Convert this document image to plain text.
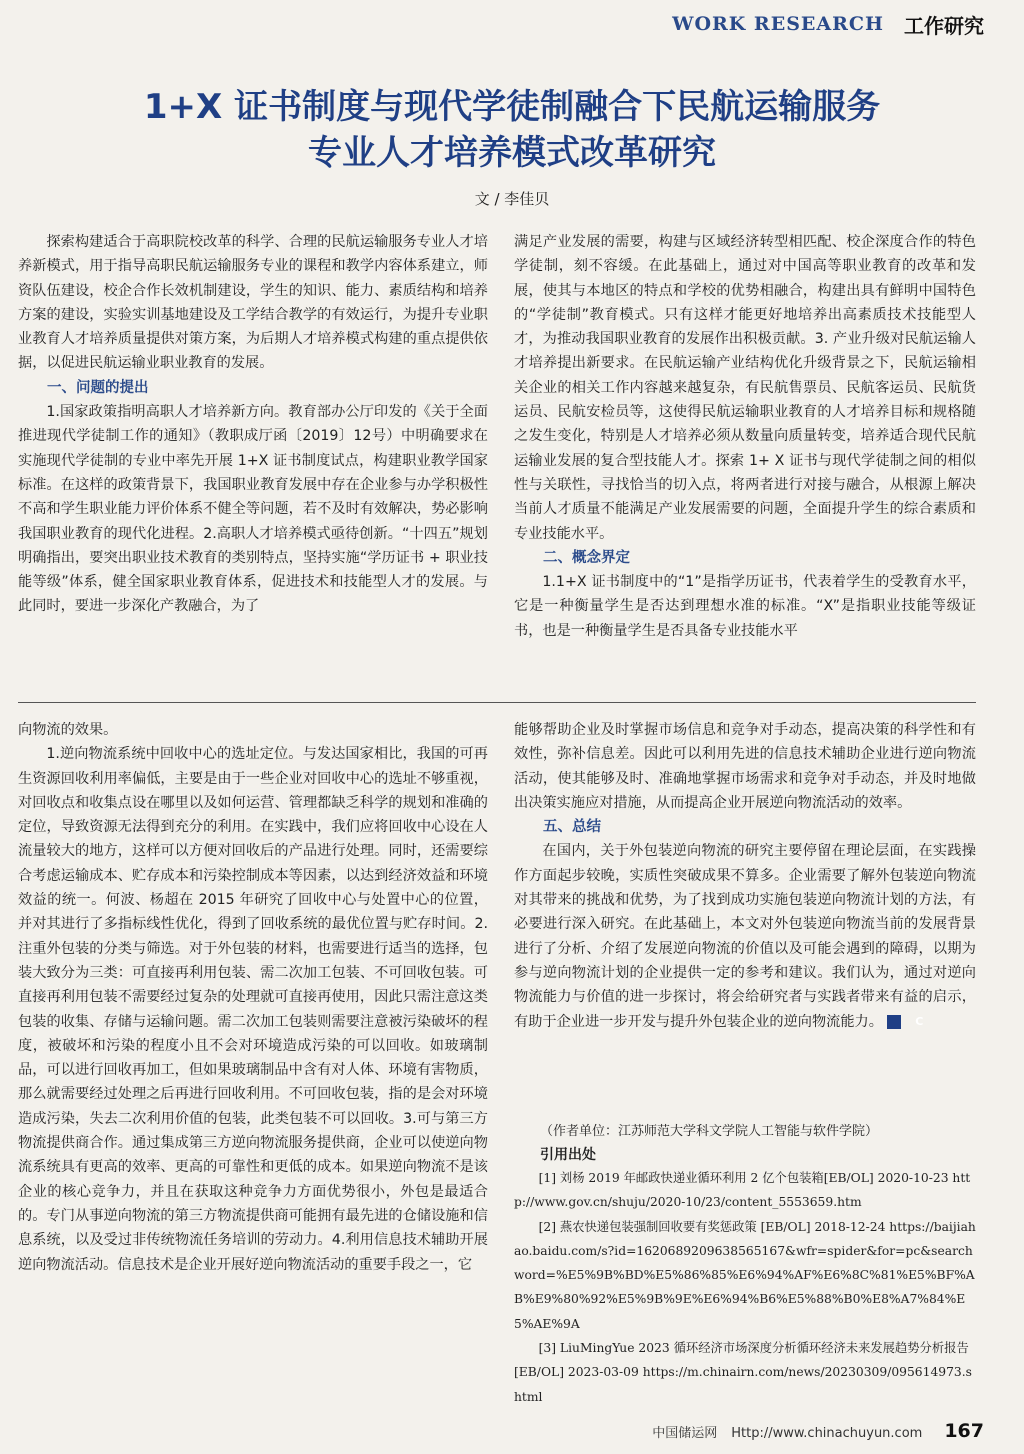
WORK RESEARCH 工作研究
1+X 证书制度与现代学徒制融合下民航运输服务
专业人才培养模式改革研究
文 / 李佳贝

探索构建适合于高职院校改革的科学、合理的民航运输服务专业人才培养新模式，用于指导高职民航运输服务专业的课程和教学内容体系建立，师资队伍建设，校企合作长效机制建设，学生的知识、能力、素质结构和培养方案的建设，实验实训基地建设及工学结合教学的有效运行，为提升专业职业教育人才培养质量提供对策方案，为后期人才培养模式构建的重点提供依据，以促进民航运输业职业教育的发展。

一、问题的提出

1.国家政策指明高职人才培养新方向。教育部办公厅印发的《关于全面推进现代学徒制工作的通知》（教职成厅函〔2019〕12号）中明确要求在实施现代学徒制的专业中率先开展 1+X 证书制度试点，构建职业教学国家标准。在这样的政策背景下，我国职业教育发展中存在企业参与办学积极性不高和学生职业能力评价体系不健全等问题，若不及时有效解决，势必影响我国职业教育的现代化进程。2.高职人才培养模式亟待创新。“十四五”规划明确指出，要突出职业技术教育的类别特点，坚持实施“学历证书 + 职业技能等级”体系，健全国家职业教育体系，促进技术和技能型人才的发展。与此同时，要进一步深化产教融合，为了

满足产业发展的需要，构建与区域经济转型相匹配、校企深度合作的特色学徒制，刻不容缓。在此基础上，通过对中国高等职业教育的改革和发展，使其与本地区的特点和学校的优势相融合，构建出具有鲜明中国特色的“学徒制”教育模式。只有这样才能更好地培养出高素质技术技能型人才，为推动我国职业教育的发展作出积极贡献。3. 产业升级对民航运输人才培养提出新要求。在民航运输产业结构优化升级背景之下，民航运输相关企业的相关工作内容越来越复杂，有民航售票员、民航客运员、民航货运员、民航安检员等，这使得民航运输职业教育的人才培养目标和规格随之发生变化，特别是人才培养必须从数量向质量转变，培养适合现代民航运输业发展的复合型技能人才。探索 1+ X 证书与现代学徒制之间的相似性与关联性，寻找恰当的切入点，将两者进行对接与融合，从根源上解决当前人才质量不能满足产业发展需要的问题，全面提升学生的综合素质和专业技能水平。

二、概念界定

1.1+X 证书制度中的“1”是指学历证书，代表着学生的受教育水平，它是一种衡量学生是否达到理想水准的标准。“X”是指职业技能等级证书，也是一种衡量学生是否具备专业技能水平

向物流的效果。

1.逆向物流系统中回收中心的选址定位。与发达国家相比，我国的可再生资源回收利用率偏低，主要是由于一些企业对回收中心的选址不够重视，对回收点和收集点设在哪里以及如何运营、管理都缺乏科学的规划和准确的定位，导致资源无法得到充分的利用。在实践中，我们应将回收中心设在人流量较大的地方，这样可以方便对回收后的产品进行处理。同时，还需要综合考虑运输成本、贮存成本和污染控制成本等因素，以达到经济效益和环境效益的统一。何波、杨超在 2015 年研究了回收中心与处置中心的位置，并对其进行了多指标线性优化，得到了回收系统的最优位置与贮存时间。2.注重外包装的分类与筛选。对于外包装的材料，也需要进行适当的选择，包装大致分为三类：可直接再利用包装、需二次加工包装、不可回收包装。可直接再利用包装不需要经过复杂的处理就可直接再使用，因此只需注意这类包装的收集、存储与运输问题。需二次加工包装则需要注意被污染破坏的程度，被破坏和污染的程度小且不会对环境造成污染的可以回收。如玻璃制品，可以进行回收再加工，但如果玻璃制品中含有对人体、环境有害物质，那么就需要经过处理之后再进行回收利用。不可回收包装，指的是会对环境造成污染，失去二次利用价值的包装，此类包装不可以回收。3.可与第三方物流提供商合作。通过集成第三方逆向物流服务提供商，企业可以使逆向物流系统具有更高的效率、更高的可靠性和更低的成本。如果逆向物流不是该企业的核心竞争力，并且在获取这种竞争力方面优势很小，外包是最适合的。专门从事逆向物流的第三方物流提供商可能拥有最先进的仓储设施和信息系统，以及受过非传统物流任务培训的劳动力。4.利用信息技术辅助开展逆向物流活动。信息技术是企业开展好逆向物流活动的重要手段之一，它

能够帮助企业及时掌握市场信息和竞争对手动态，提高决策的科学性和有效性，弥补信息差。因此可以利用先进的信息技术辅助企业进行逆向物流活动，使其能够及时、准确地掌握市场需求和竞争对手动态，并及时地做出决策实施应对措施，从而提高企业开展逆向物流活动的效率。

五、总结

在国内，关于外包装逆向物流的研究主要停留在理论层面，在实践操作方面起步较晚，实质性突破成果不算多。企业需要了解外包装逆向物流对其带来的挑战和优势，为了找到成功实施包装逆向物流计划的方法，有必要进行深入研究。在此基础上，本文对外包装逆向物流当前的发展背景进行了分析、介绍了发展逆向物流的价值以及可能会遇到的障碍，以期为参与逆向物流计划的企业提供一定的参考和建议。我们认为，通过对逆向物流能力与价值的进一步探讨，将会给研究者与实践者带来有益的启示，有助于企业进一步开发与提升外包装企业的逆向物流能力。	C

（作者单位：江苏师范大学科文学院人工智能与软件学院）
引用出处

[1] 刘杨 2019 年邮政快递业循环利用 2 亿个包装箱[EB/OL] 2020-10-23 http://www.gov.cn/shuju/2020-10/23/content_5553659.htm

[2] 燕农快递包装强制回收要有奖惩政策 [EB/OL] 2018-12-24 https://baijiahao.baidu.com/s?id=1620689209638565167&wfr=spider&for=pc&searchword=%E5%9B%BD%E5%86%85%E6%94%AF%E6%8C%81%E5%BF%AB%E9%80%92%E5%9B%9E%E6%94%B6%E5%88%B0%E8%A7%84%E5%AE%9A

[3] LiuMingYue 2023 循环经济市场深度分析循环经济未来发展趋势分析报告[EB/OL] 2023-03-09 https://m.chinairn.com/news/20230309/095614973.shtml

中国储运网 Http://www.chinachuyun.com 167
